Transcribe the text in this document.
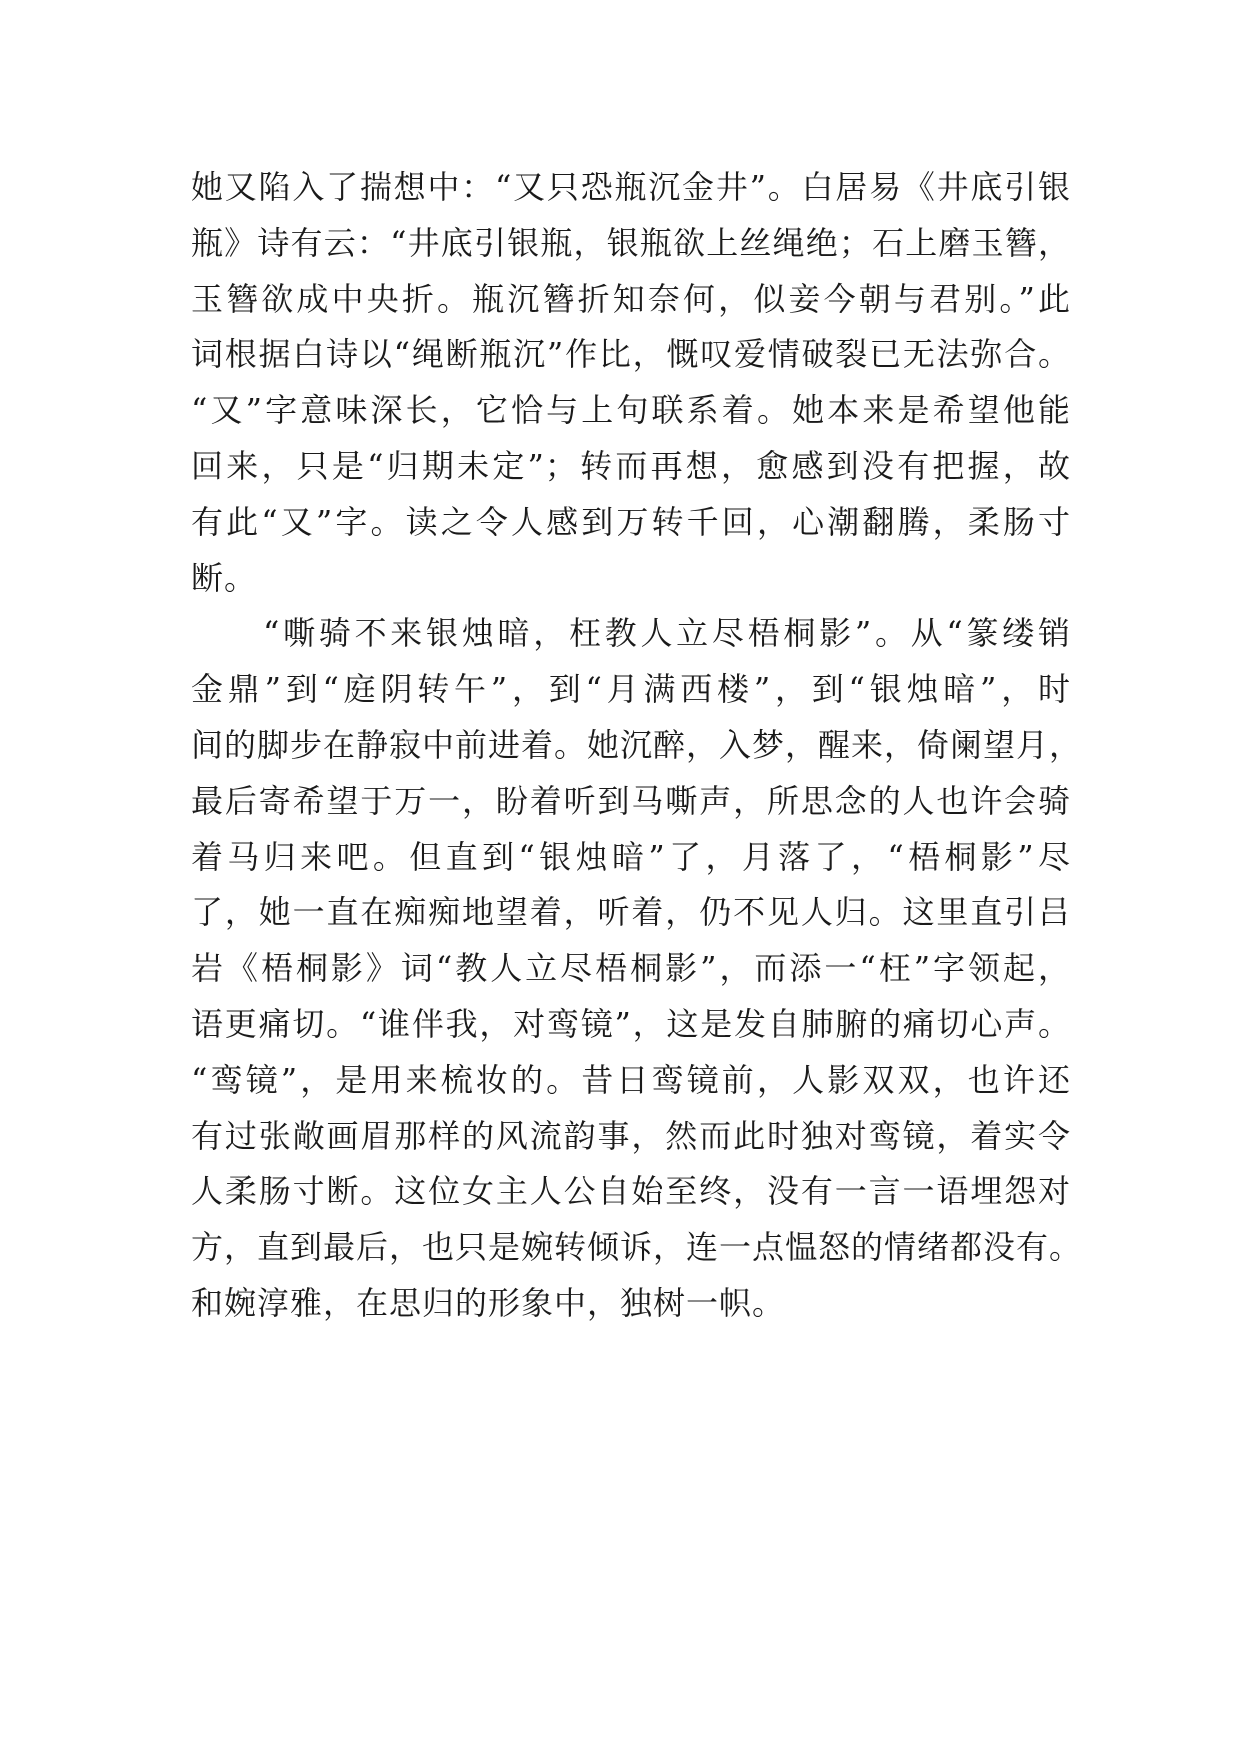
她又陷入了揣想中：“又只恐瓶沉金井”。白居易《井底引银
瓶》诗有云：“井底引银瓶，银瓶欲上丝绳绝；石上磨玉簪，
玉簪欲成中央折。瓶沉簪折知奈何，似妾今朝与君别。”此
词根据白诗以“绳断瓶沉”作比，慨叹爱情破裂已无法弥合。
“又”字意味深长，它恰与上句联系着。她本来是希望他能
回来，只是“归期未定”；转而再想，愈感到没有把握，故
有此“又”字。读之令人感到万转千回，心潮翻腾，柔肠寸
断。
“嘶骑不来银烛暗，枉教人立尽梧桐影”。从“篆缕销
金鼎”到“庭阴转午”，到“月满西楼”，到“银烛暗”，时
间的脚步在静寂中前进着。她沉醉，入梦，醒来，倚阑望月，
最后寄希望于万一，盼着听到马嘶声，所思念的人也许会骑
着马归来吧。但直到“银烛暗”了，月落了，“梧桐影”尽
了，她一直在痴痴地望着，听着，仍不见人归。这里直引吕
岩《梧桐影》词“教人立尽梧桐影”，而添一“枉”字领起，
语更痛切。“谁伴我，对鸾镜”，这是发自肺腑的痛切心声。
“鸾镜”，是用来梳妆的。昔日鸾镜前，人影双双，也许还
有过张敞画眉那样的风流韵事，然而此时独对鸾镜，着实令
人柔肠寸断。这位女主人公自始至终，没有一言一语埋怨对
方，直到最后，也只是婉转倾诉，连一点愠怒的情绪都没有。
和婉淳雅，在思归的形象中，独树一帜。
